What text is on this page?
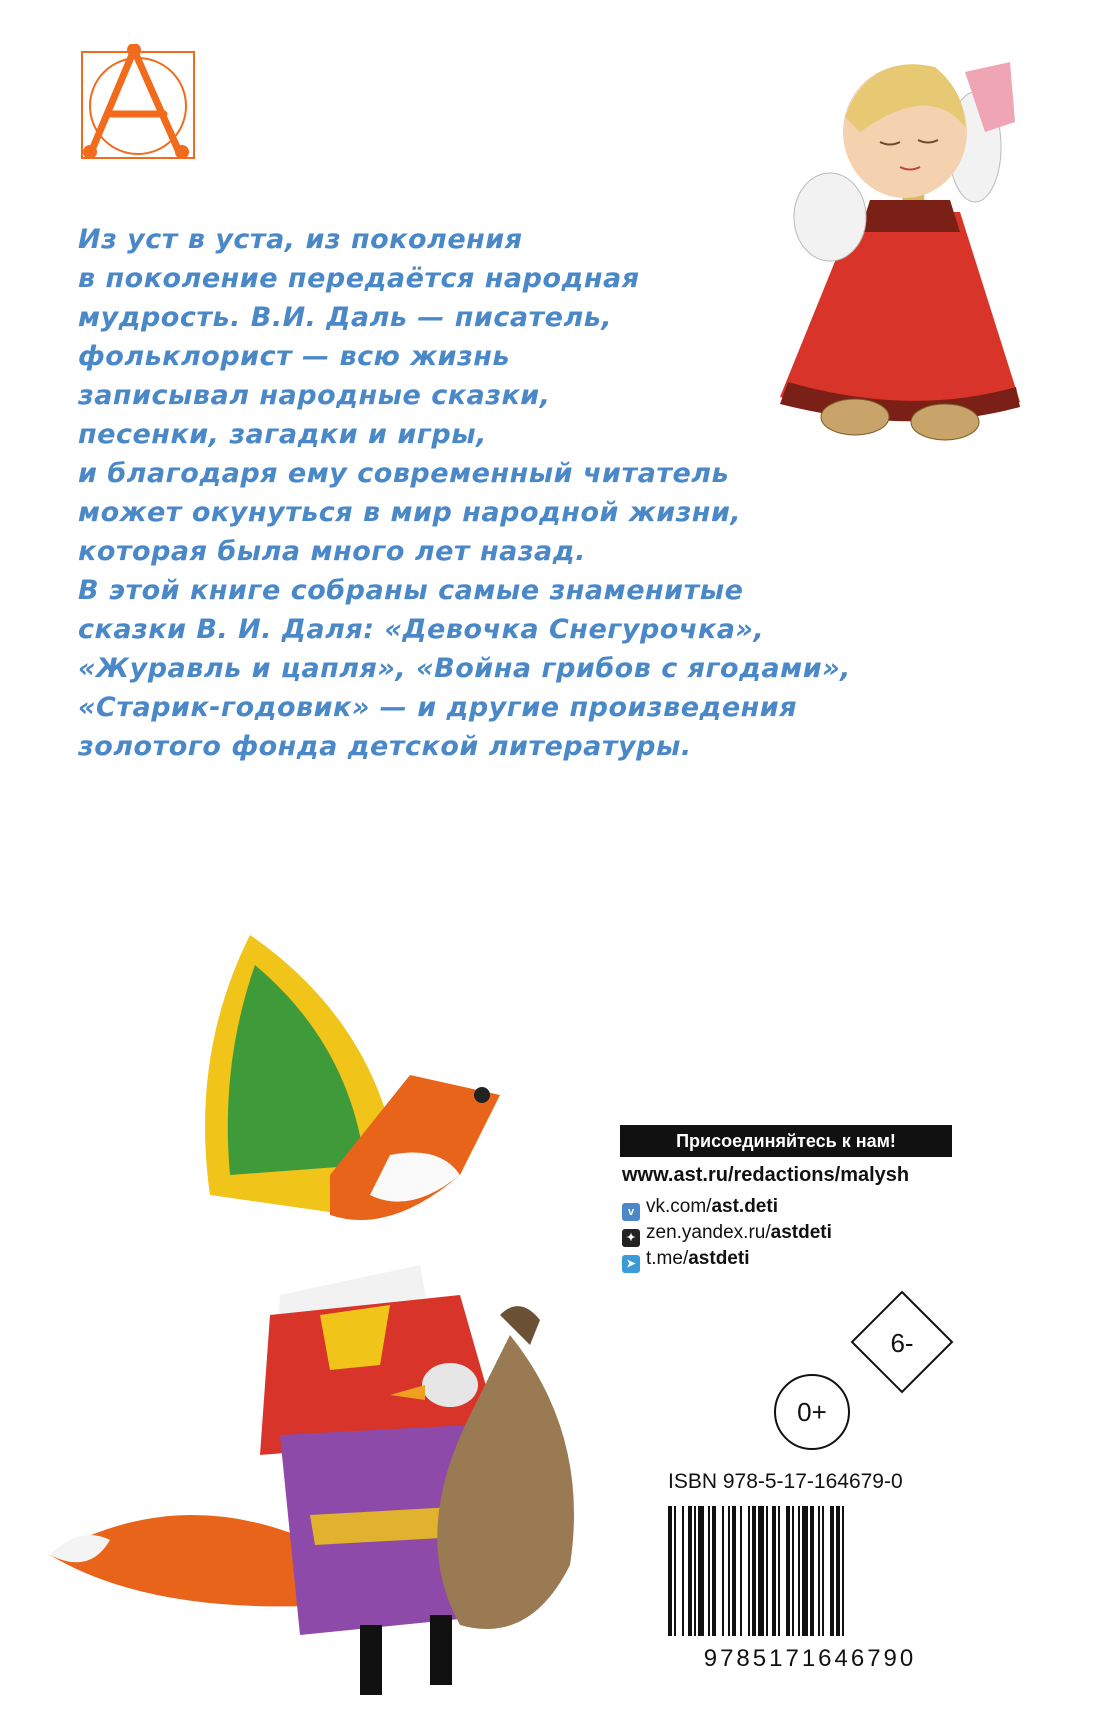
Из уст в уста, из поколения
в поколение передаётся народная
мудрость. В.И. Даль — писатель,
фольклорист — всю жизнь
записывал народные сказки,
песенки, загадки и игры,
и благодаря ему современный читатель
может окунуться в мир народной жизни,
которая была много лет назад.
В этой книге собраны самые знаменитые
сказки В. И. Даля: «Девочка Снегурочка»,
«Журавль и цапля», «Война грибов с ягодами»,
«Старик-годовик» — и другие произведения
золотого фонда детской литературы.
Присоединяйтесь к нам!
www.ast.ru/redactions/malysh
v vk.com/ast.deti
✦ zen.yandex.ru/astdeti
➤ t.me/astdeti
6-
0+
ISBN 978-5-17-164679-0
9785171646790
